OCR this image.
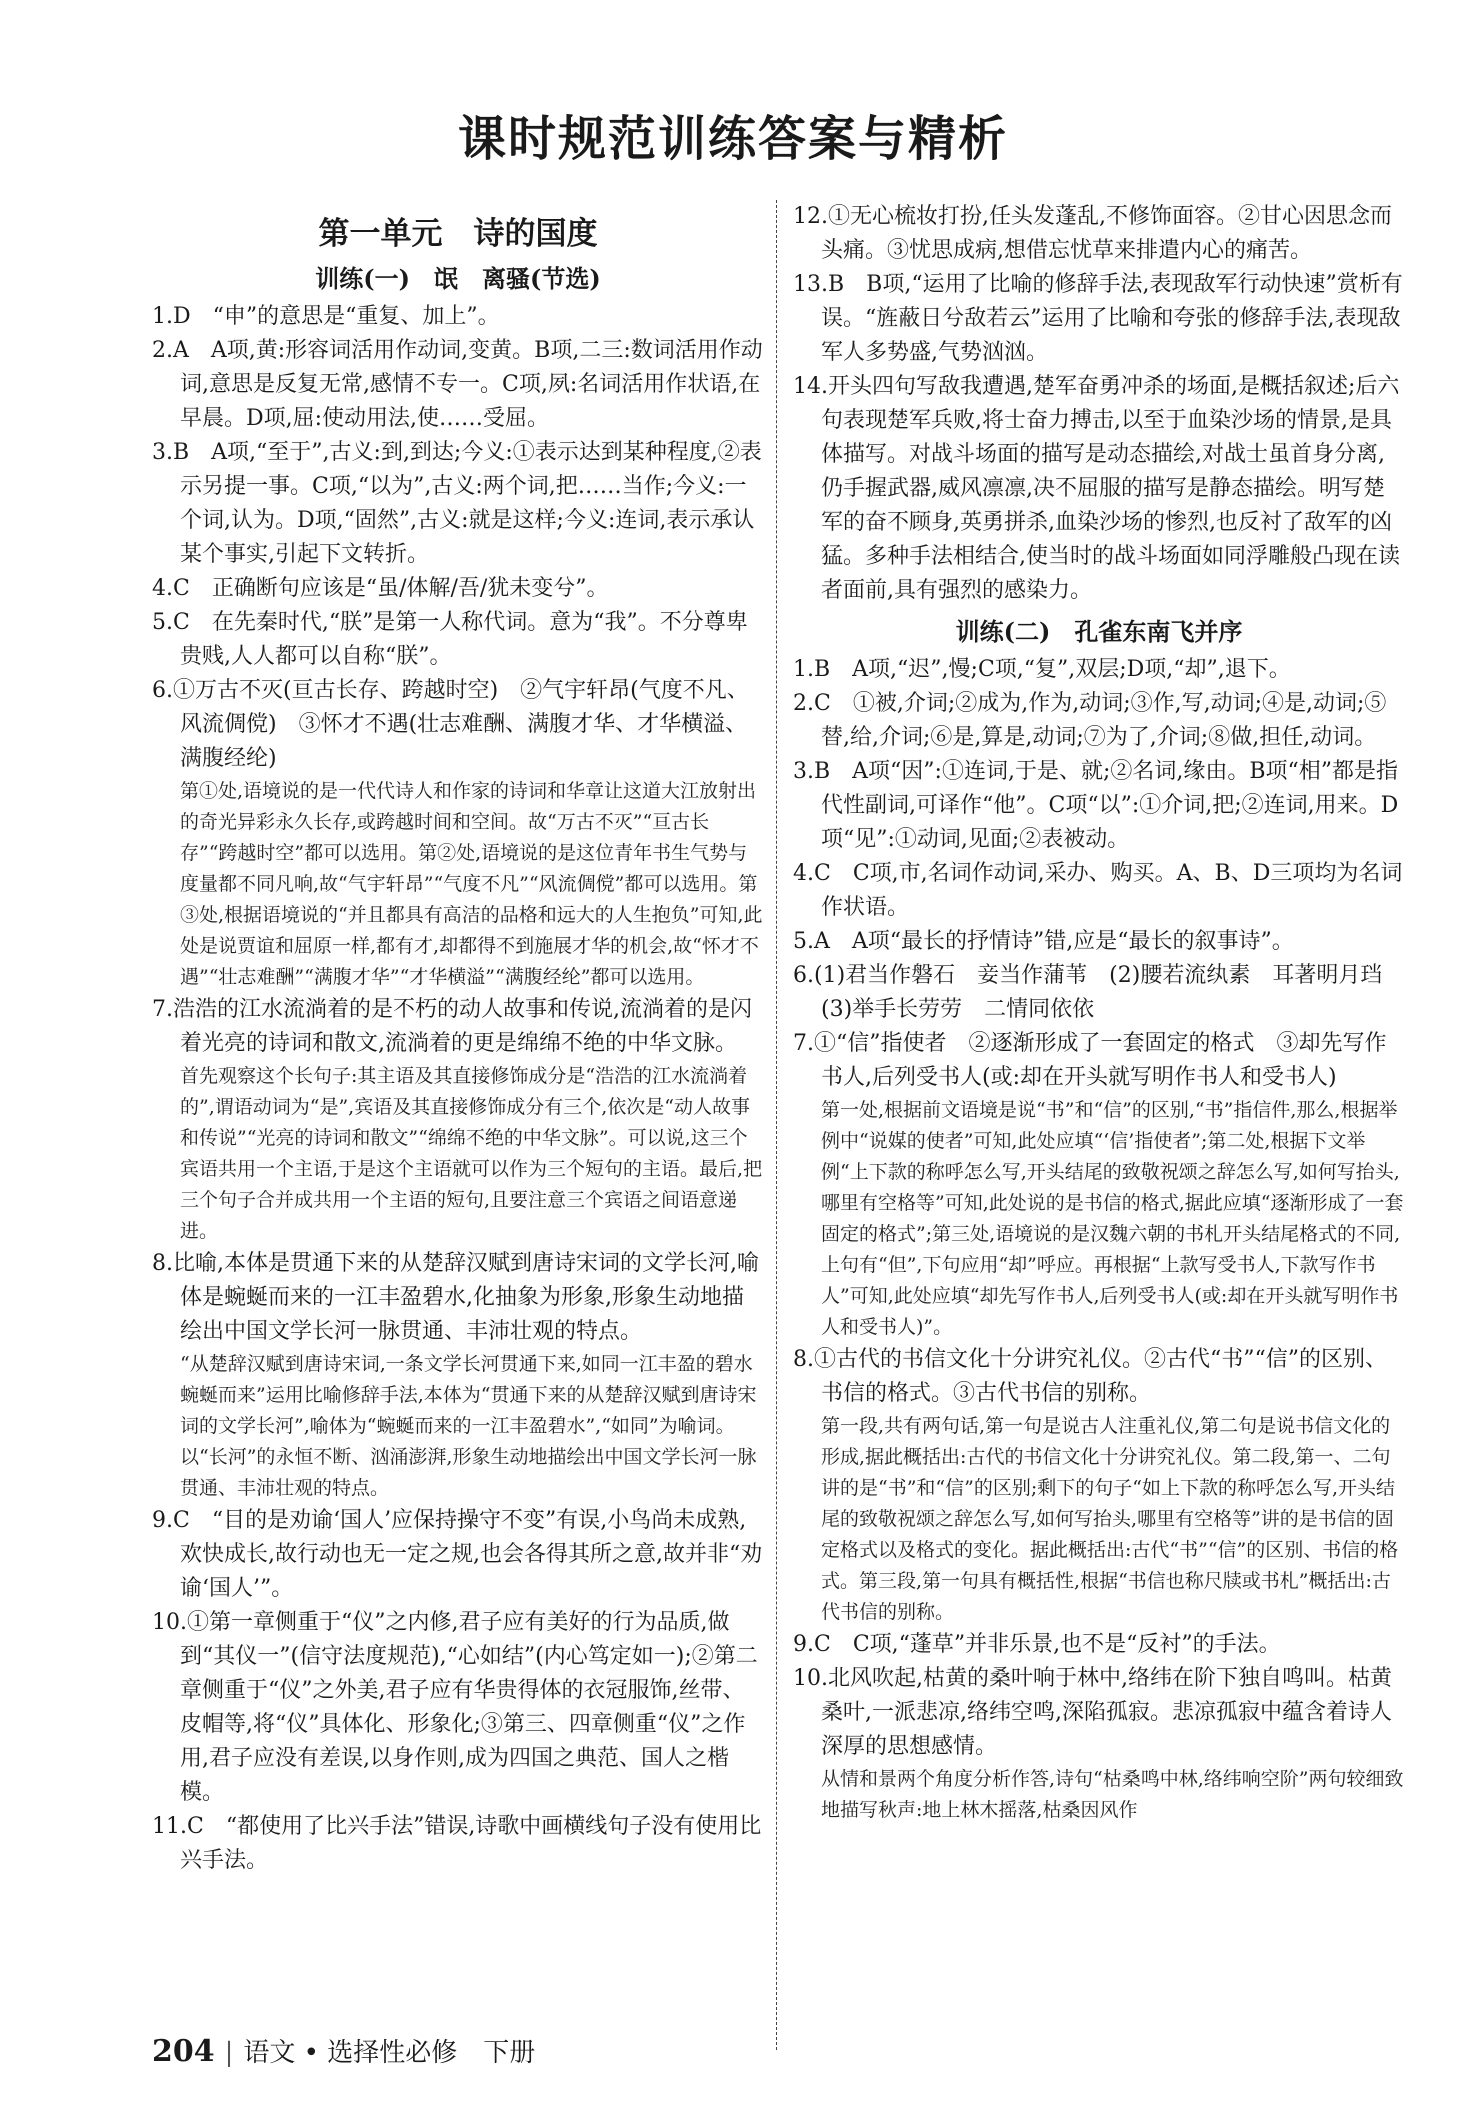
课时规范训练答案与精析
第一单元　诗的国度
训练(一)　氓　离骚(节选)
1.D　“申”的意思是“重复、加上”。
2.A　A项,黄:形容词活用作动词,变黄。B项,二三:数词活用作动词,意思是反复无常,感情不专一。C项,夙:名词活用作状语,在早晨。D项,屈:使动用法,使……受屈。
3.B　A项,“至于”,古义:到,到达;今义:①表示达到某种程度,②表示另提一事。C项,“以为”,古义:两个词,把……当作;今义:一个词,认为。D项,“固然”,古义:就是这样;今义:连词,表示承认某个事实,引起下文转折。
4.C　正确断句应该是“虽/体解/吾/犹未变兮”。
5.C　在先秦时代,“朕”是第一人称代词。意为“我”。不分尊卑贵贱,人人都可以自称“朕”。
6.①万古不灭(亘古长存、跨越时空)　②气宇轩昂(气度不凡、风流倜傥)　③怀才不遇(壮志难酬、满腹才华、才华横溢、满腹经纶)
第①处,语境说的是一代代诗人和作家的诗词和华章让这道大江放射出的奇光异彩永久长存,或跨越时间和空间。故“万古不灭”“亘古长存”“跨越时空”都可以选用。第②处,语境说的是这位青年书生气势与度量都不同凡响,故“气宇轩昂”“气度不凡”“风流倜傥”都可以选用。第③处,根据语境说的“并且都具有高洁的品格和远大的人生抱负”可知,此处是说贾谊和屈原一样,都有才,却都得不到施展才华的机会,故“怀才不遇”“壮志难酬”“满腹才华”“才华横溢”“满腹经纶”都可以选用。
7.浩浩的江水流淌着的是不朽的动人故事和传说,流淌着的是闪着光亮的诗词和散文,流淌着的更是绵绵不绝的中华文脉。
首先观察这个长句子:其主语及其直接修饰成分是“浩浩的江水流淌着的”,谓语动词为“是”,宾语及其直接修饰成分有三个,依次是“动人故事和传说”“光亮的诗词和散文”“绵绵不绝的中华文脉”。可以说,这三个宾语共用一个主语,于是这个主语就可以作为三个短句的主语。最后,把三个句子合并成共用一个主语的短句,且要注意三个宾语之间语意递进。
8.比喻,本体是贯通下来的从楚辞汉赋到唐诗宋词的文学长河,喻体是蜿蜒而来的一江丰盈碧水,化抽象为形象,形象生动地描绘出中国文学长河一脉贯通、丰沛壮观的特点。
“从楚辞汉赋到唐诗宋词,一条文学长河贯通下来,如同一江丰盈的碧水蜿蜒而来”运用比喻修辞手法,本体为“贯通下来的从楚辞汉赋到唐诗宋词的文学长河”,喻体为“蜿蜒而来的一江丰盈碧水”,“如同”为喻词。以“长河”的永恒不断、汹涌澎湃,形象生动地描绘出中国文学长河一脉贯通、丰沛壮观的特点。
9.C　“目的是劝谕‘国人’应保持操守不变”有误,小鸟尚未成熟,欢快成长,故行动也无一定之规,也会各得其所之意,故并非“劝谕‘国人’”。
10.①第一章侧重于“仪”之内修,君子应有美好的行为品质,做到“其仪一”(信守法度规范),“心如结”(内心笃定如一);②第二章侧重于“仪”之外美,君子应有华贵得体的衣冠服饰,丝带、皮帽等,将“仪”具体化、形象化;③第三、四章侧重“仪”之作用,君子应没有差误,以身作则,成为四国之典范、国人之楷模。
11.C　“都使用了比兴手法”错误,诗歌中画横线句子没有使用比兴手法。
12.①无心梳妆打扮,任头发蓬乱,不修饰面容。②甘心因思念而头痛。③忧思成病,想借忘忧草来排遣内心的痛苦。
13.B　B项,“运用了比喻的修辞手法,表现敌军行动快速”赏析有误。“旌蔽日兮敌若云”运用了比喻和夸张的修辞手法,表现敌军人多势盛,气势汹汹。
14.开头四句写敌我遭遇,楚军奋勇冲杀的场面,是概括叙述;后六句表现楚军兵败,将士奋力搏击,以至于血染沙场的情景,是具体描写。对战斗场面的描写是动态描绘,对战士虽首身分离,仍手握武器,威风凛凛,决不屈服的描写是静态描绘。明写楚军的奋不顾身,英勇拼杀,血染沙场的惨烈,也反衬了敌军的凶猛。多种手法相结合,使当时的战斗场面如同浮雕般凸现在读者面前,具有强烈的感染力。
训练(二)　孔雀东南飞并序
1.B　A项,“迟”,慢;C项,“复”,双层;D项,“却”,退下。
2.C　①被,介词;②成为,作为,动词;③作,写,动词;④是,动词;⑤替,给,介词;⑥是,算是,动词;⑦为了,介词;⑧做,担任,动词。
3.B　A项“因”:①连词,于是、就;②名词,缘由。B项“相”都是指代性副词,可译作“他”。C项“以”:①介词,把;②连词,用来。D项“见”:①动词,见面;②表被动。
4.C　C项,市,名词作动词,采办、购买。A、B、D三项均为名词作状语。
5.A　A项“最长的抒情诗”错,应是“最长的叙事诗”。
6.(1)君当作磐石　妾当作蒲苇　(2)腰若流纨素　耳著明月珰　(3)举手长劳劳　二情同依依
7.①“信”指使者　②逐渐形成了一套固定的格式　③却先写作书人,后列受书人(或:却在开头就写明作书人和受书人)
第一处,根据前文语境是说“书”和“信”的区别,“书”指信件,那么,根据举例中“说媒的使者”可知,此处应填“‘信’指使者”;第二处,根据下文举例“上下款的称呼怎么写,开头结尾的致敬祝颂之辞怎么写,如何写抬头,哪里有空格等”可知,此处说的是书信的格式,据此应填“逐渐形成了一套固定的格式”;第三处,语境说的是汉魏六朝的书札开头结尾格式的不同,上句有“但”,下句应用“却”呼应。再根据“上款写受书人,下款写作书人”可知,此处应填“却先写作书人,后列受书人(或:却在开头就写明作书人和受书人)”。
8.①古代的书信文化十分讲究礼仪。②古代“书”“信”的区别、书信的格式。③古代书信的别称。
第一段,共有两句话,第一句是说古人注重礼仪,第二句是说书信文化的形成,据此概括出:古代的书信文化十分讲究礼仪。第二段,第一、二句讲的是“书”和“信”的区别;剩下的句子“如上下款的称呼怎么写,开头结尾的致敬祝颂之辞怎么写,如何写抬头,哪里有空格等”讲的是书信的固定格式以及格式的变化。据此概括出:古代“书”“信”的区别、书信的格式。第三段,第一句具有概括性,根据“书信也称尺牍或书札”概括出:古代书信的别称。
9.C　C项,“蓬草”并非乐景,也不是“反衬”的手法。
10.北风吹起,枯黄的桑叶响于林中,络纬在阶下独自鸣叫。枯黄桑叶,一派悲凉,络纬空鸣,深陷孤寂。悲凉孤寂中蕴含着诗人深厚的思想感情。
从情和景两个角度分析作答,诗句“枯桑鸣中林,络纬响空阶”两句较细致地描写秋声:地上林木摇落,枯桑因风作
204 | 语文 • 选择性必修　下册
